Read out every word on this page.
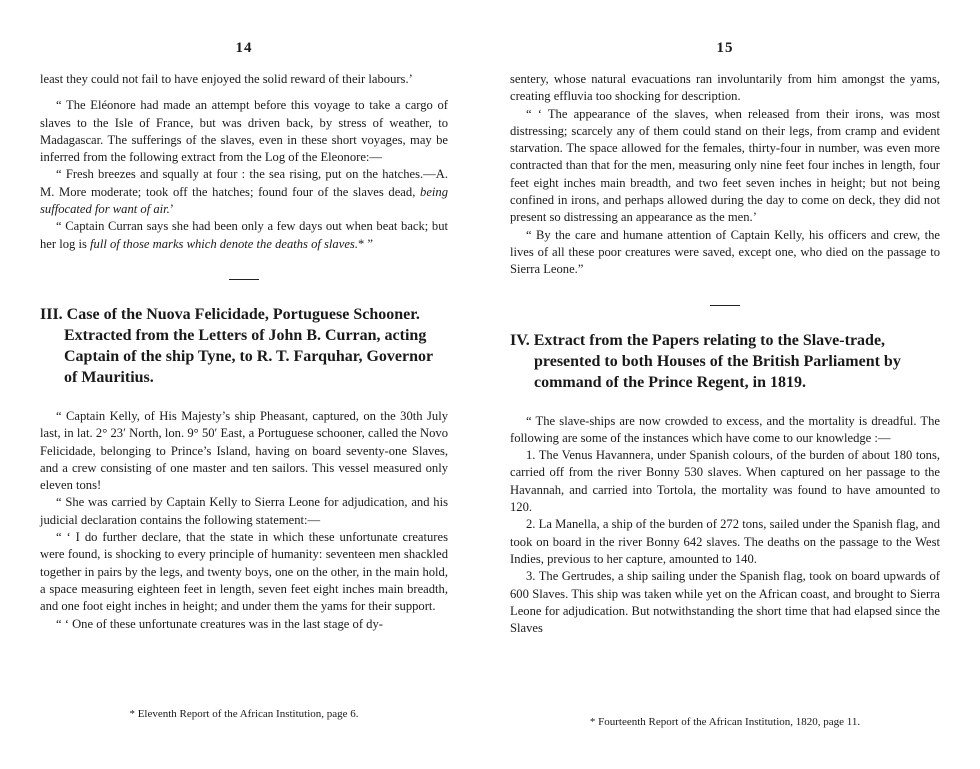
14

least they could not fail to have enjoyed the solid reward of their labours.’

“ The Eléonore had made an attempt before this voyage to take a cargo of slaves to the Isle of France, but was driven back, by stress of weather, to Madagascar. The sufferings of the slaves, even in these short voyages, may be inferred from the following extract from the Log of the Eleonore:—

“ Fresh breezes and squally at four : the sea rising, put on the hatches.—A. M. More moderate; took off the hatches; found four of the slaves dead, being suffocated for want of air.’

“ Captain Curran says she had been only a few days out when beat back; but her log is full of those marks which denote the deaths of slaves.* ”

III. Case of the Nuova Felicidade, Portuguese Schooner. Extracted from the Letters of John B. Curran, acting Captain of the ship Tyne, to R. T. Farquhar, Governor of Mauritius.

“ Captain Kelly, of His Majesty’s ship Pheasant, captured, on the 30th July last, in lat. 2° 23′ North, lon. 9° 50′ East, a Portuguese schooner, called the Novo Felicidade, belonging to Prince’s Island, having on board seventy-one Slaves, and a crew consisting of one master and ten sailors. This vessel measured only eleven tons!

“ She was carried by Captain Kelly to Sierra Leone for adjudication, and his judicial declaration contains the following statement:—

“ ‘ I do further declare, that the state in which these unfortunate creatures were found, is shocking to every principle of humanity: seventeen men shackled together in pairs by the legs, and twenty boys, one on the other, in the main hold, a space measuring eighteen feet in length, seven feet eight inches main breadth, and one foot eight inches in height; and under them the yams for their support.

“ ‘ One of these unfortunate creatures was in the last stage of dy-

* Eleventh Report of the African Institution, page 6.
15

sentery, whose natural evacuations ran involuntarily from him amongst the yams, creating effluvia too shocking for description.

“ ‘ The appearance of the slaves, when released from their irons, was most distressing; scarcely any of them could stand on their legs, from cramp and evident starvation. The space allowed for the females, thirty-four in number, was even more contracted than that for the men, measuring only nine feet four inches in length, four feet eight inches main breadth, and two feet seven inches in height; but not being confined in irons, and perhaps allowed during the day to come on deck, they did not present so distressing an appearance as the men.’

“ By the care and humane attention of Captain Kelly, his officers and crew, the lives of all these poor creatures were saved, except one, who died on the passage to Sierra Leone.”

IV. Extract from the Papers relating to the Slave-trade, presented to both Houses of the British Parliament by command of the Prince Regent, in 1819.

“ The slave-ships are now crowded to excess, and the mortality is dreadful. The following are some of the instances which have come to our knowledge :—

1. The Venus Havannera, under Spanish colours, of the burden of about 180 tons, carried off from the river Bonny 530 slaves. When captured on her passage to the Havannah, and carried into Tortola, the mortality was found to have amounted to 120.

2. La Manella, a ship of the burden of 272 tons, sailed under the Spanish flag, and took on board in the river Bonny 642 slaves. The deaths on the passage to the West Indies, previous to her capture, amounted to 140.

3. The Gertrudes, a ship sailing under the Spanish flag, took on board upwards of 600 Slaves. This ship was taken while yet on the African coast, and brought to Sierra Leone for adjudication. But notwithstanding the short time that had elapsed since the Slaves

* Fourteenth Report of the African Institution, 1820, page 11.
